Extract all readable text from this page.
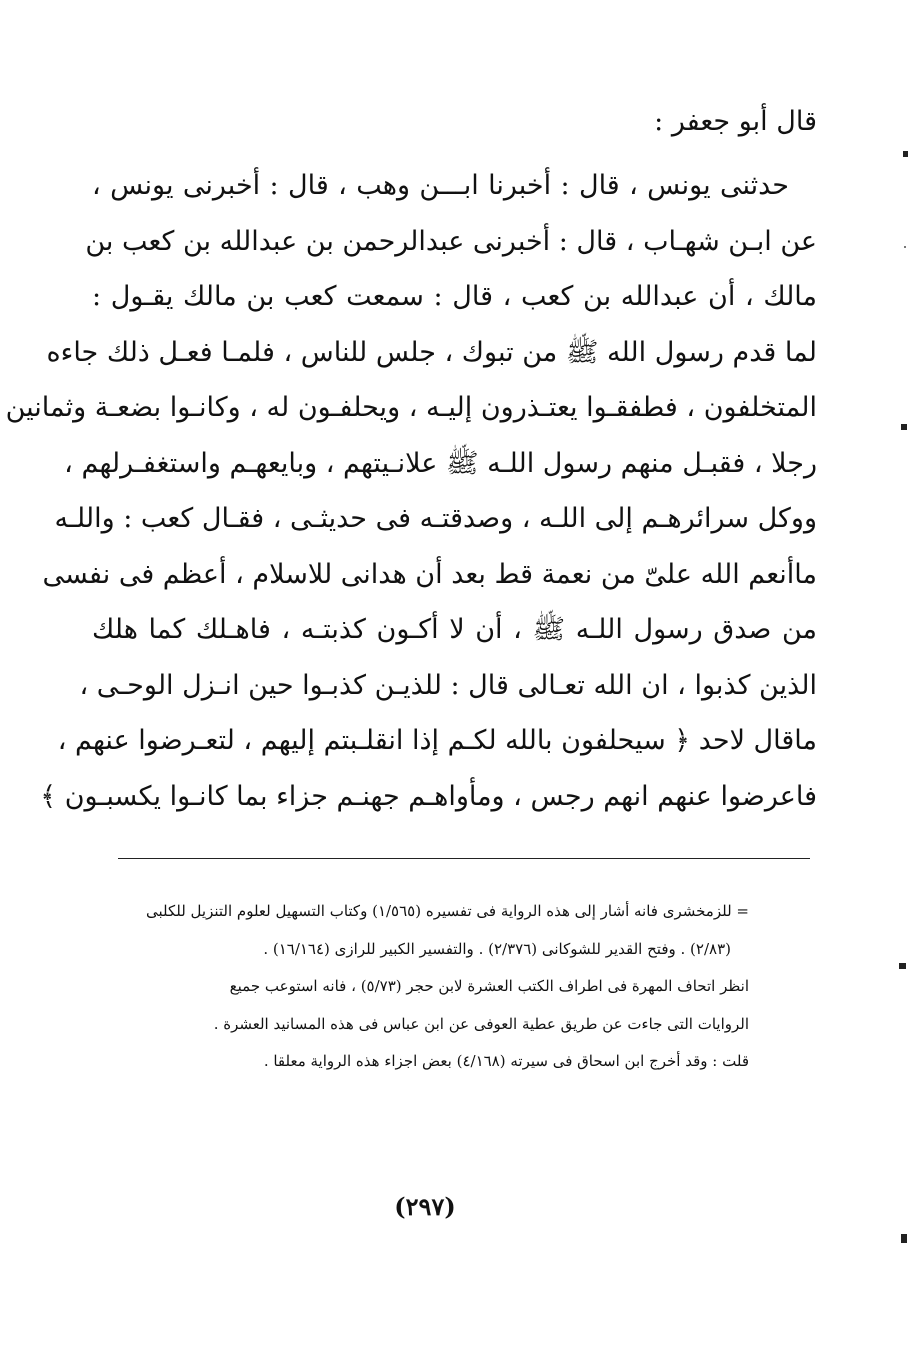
قال أبو جعفر :
حدثنى يونس ، قال : أخبرنا ابـــن وهب ، قال : أخبرنى يونس ،
عن ابـن شهـاب ، قال : أخبرنى عبدالرحمن بن عبدالله بن كعب بن
مالك ، أن عبدالله بن كعب ، قال : سمعت كعب بن مالك يقـول :
لما قدم رسول الله ﷺ من تبوك ، جلس للناس ، فلمـا فعـل ذلك جاءه
المتخلفون ، فطفقـوا يعتـذرون إليـه ، ويحلفـون له ، وكانـوا بضعـة وثمانين
رجلا ، فقبـل منهم رسول اللـه ﷺ علانـيتهم ، وبايعهـم واستغفـرلهم ،
ووكل سرائرهـم إلى اللـه ، وصدقتـه فى حديثـى ، فقـال كعب : واللـه
ماأنعم الله علىّ من نعمة قط بعد أن هدانى للاسلام ، أعظم فى نفسى
من صدق رسول اللـه ﷺ ، أن لا أكـون كذبتـه ، فاهـلك كما هلك
الذين كذبوا ، ان الله تعـالى قال : للذيـن كذبـوا حين انـزل الوحـى ،
ماقال لاحد ﴿ سيحلفون بالله لكـم إذا انقلـبتم إليهم ، لتعـرضوا عنهم ،
فاعرضوا عنهم انهم رجس ، ومأواهـم جهنـم جزاء بما كانـوا يكسبـون ﴾
= للزمخشرى فانه أشار إلى هذه الرواية فى تفسيره (١/٥٦٥) وكتاب التسهيل لعلوم التنزيل للكلبى
(٢/٨٣) . وفتح القدير للشوكانى (٢/٣٧٦) . والتفسير الكبير للرازى (١٦/١٦٤) .
انظر اتحاف المهرة فى اطراف الكتب العشرة لابن حجر (٥/٧٣) ، فانه استوعب جميع
الروايات التى جاءت عن طريق عطية العوفى عن ابن عباس فى هذه المسانيد العشرة .
قلت : وقد أخرج ابن اسحاق فى سيرته (٤/١٦٨) بعض اجزاء هذه الرواية معلقا .
(٢٩٧)
